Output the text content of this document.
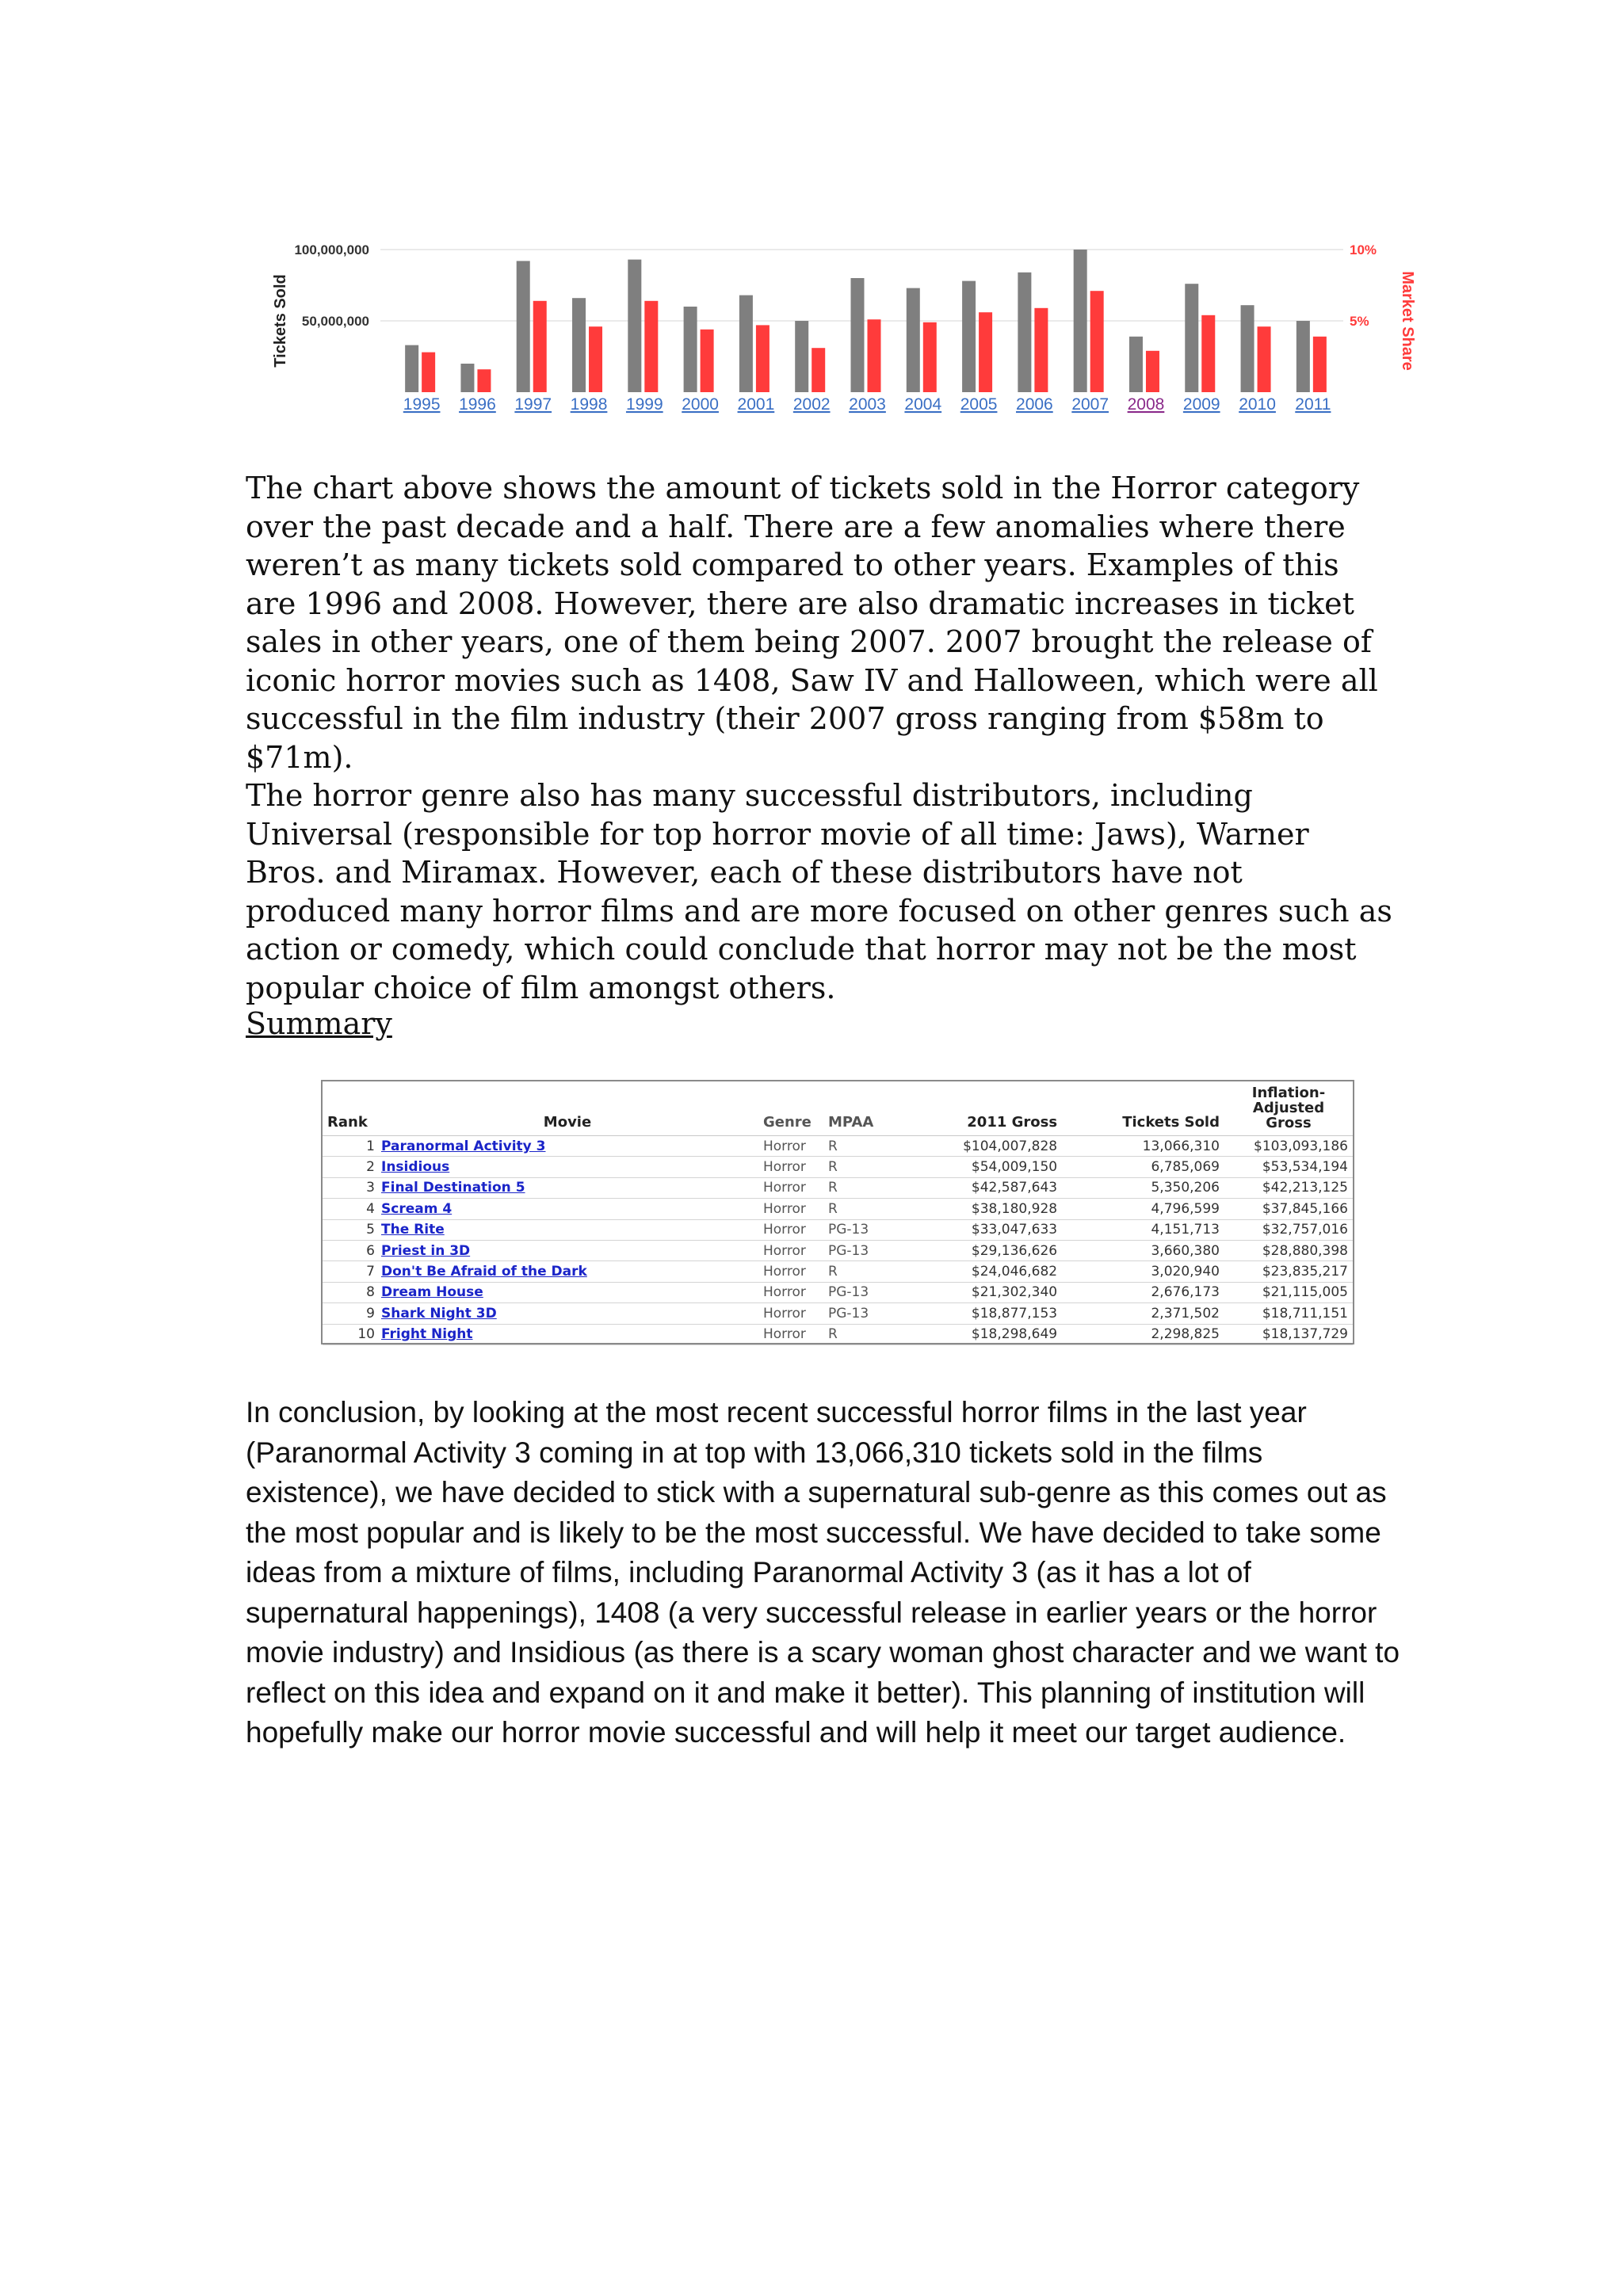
50,000,000	5%
100,000,000	10%
Tickets Sold	Market Share
1995 1996 1997 1998 1999 2000 2001 2002 2003 2004 2005 2006 2007 2008 2009 2010 2011

The chart above shows the amount of tickets sold in the Horror category over the past decade and a half. There are a few anomalies where there weren’t as many tickets sold compared to other years. Examples of this are 1996 and 2008. However, there are also dramatic increases in ticket sales in other years, one of them being 2007. 2007 brought the release of iconic horror movies such as 1408, Saw IV and Halloween, which were all successful in the film industry (their 2007 gross ranging from $58m to $71m).

The horror genre also has many successful distributors, including Universal (responsible for top horror movie of all time: Jaws), Warner Bros. and Miramax. However, each of these distributors have not produced many horror films and are more focused on other genres such as action or comedy, which could conclude that horror may not be the most popular choice of film amongst others.

Summary

Rank	Movie	Genre	MPAA	2011 Gross	Tickets Sold	Inflation-Adjusted Gross
1	Paranormal Activity 3	Horror	R	$104,007,828	13,066,310	$103,093,186
2	Insidious	Horror	R	$54,009,150	6,785,069	$53,534,194
3	Final Destination 5	Horror	R	$42,587,643	5,350,206	$42,213,125
4	Scream 4	Horror	R	$38,180,928	4,796,599	$37,845,166
5	The Rite	Horror	PG-13	$33,047,633	4,151,713	$32,757,016
6	Priest in 3D	Horror	PG-13	$29,136,626	3,660,380	$28,880,398
7	Don't Be Afraid of the Dark	Horror	R	$24,046,682	3,020,940	$23,835,217
8	Dream House	Horror	PG-13	$21,302,340	2,676,173	$21,115,005
9	Shark Night 3D	Horror	PG-13	$18,877,153	2,371,502	$18,711,151
10	Fright Night	Horror	R	$18,298,649	2,298,825	$18,137,729

In conclusion, by looking at the most recent successful horror films in the last year (Paranormal Activity 3 coming in at top with 13,066,310 tickets sold in the films existence), we have decided to stick with a supernatural sub-genre as this comes out as the most popular and is likely to be the most successful. We have decided to take some ideas from a mixture of films, including Paranormal Activity 3 (as it has a lot of supernatural happenings), 1408 (a very successful release in earlier years or the horror movie industry) and Insidious (as there is a scary woman ghost character and we want to reflect on this idea and expand on it and make it better). This planning of institution will hopefully make our horror movie successful and will help it meet our target audience.
